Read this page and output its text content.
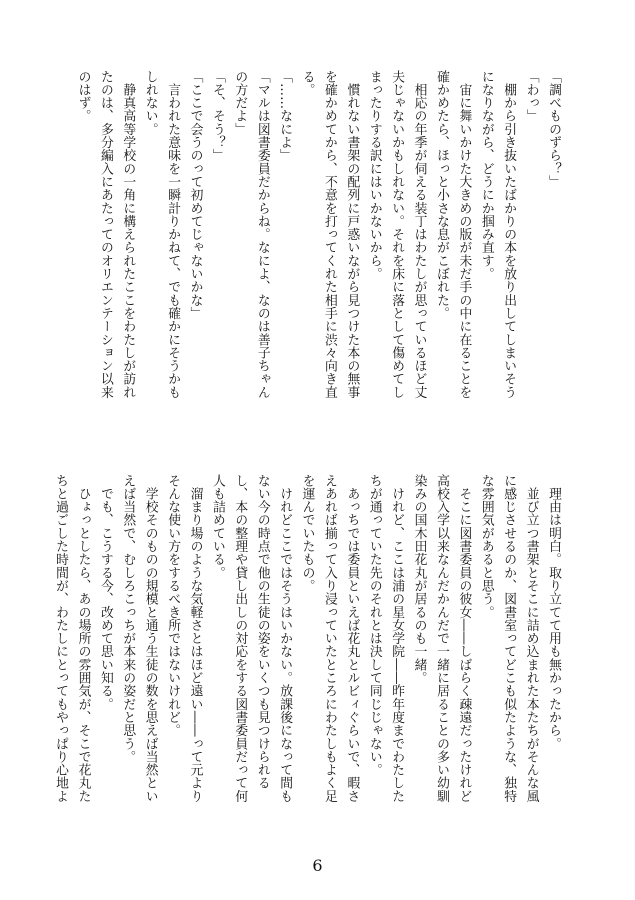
「調べものずら？」
「わっ」
　棚から引き抜いたばかりの本を放り出してしまいそう
になりながら、どうにか掴み直す。
　宙に舞いかけた大きめの版が未だ手の中に在ることを
確かめたら、ほっと小さな息がこぼれた。
　相応の年季が伺える装丁はわたしが思っているほど丈
夫じゃないかもしれない。それを床に落として傷めてし
まったりする訳にはいかないから。
　慣れない書架の配列に戸惑いながら見つけた本の無事
を確かめてから、不意を打ってくれた相手に渋々向き直
る。
「……なによ」
「マルは図書委員だからね。なによ、なのは善子ちゃん
の方だよ」
「そ、そう？」
「ここで会うのって初めてじゃないかな」
　言われた意味を一瞬計りかねて、でも確かにそうかも
しれない。
　静真高等学校の一角に構えられたここをわたしが訪れ
たのは、多分編入にあたってのオリエンテーション以来
のはず。
　理由は明白。取り立てて用も無かったから。
　並び立つ書架とそこに詰め込まれた本たちがそんな風
に感じさせるのか、図書室ってどこも似たような、独特
な雰囲気があると思う。
　そこに図書委員の彼女――しばらく疎遠だったけれど
高校入学以来なんだかんだで一緒に居ることの多い幼馴
染みの国木田花丸が居るのも一緒。
　けれど、ここは浦の星女学院――昨年度までわたした
ちが通っていた先のそれとは決して同じじゃない。
　あっちでは委員といえば花丸とルビィぐらいで、暇さ
えあれば揃って入り浸っていたところにわたしもよく足
を運んでいたもの。
　けれどここではそうはいかない。放課後になって間も
ない今の時点で他の生徒の姿をいくつも見つけられる
し、本の整理や貸し出しの対応をする図書委員だって何
人も詰めている。
　溜まり場のような気軽さとはほど遠い――って元より
そんな使い方をするべき所ではないけれど。
　学校そのものの規模と通う生徒の数を思えば当然とい
えば当然で、むしろこっちが本来の姿だと思う。
　でも、こうする今、改めて思い知る。
　ひょっとしたら、あの場所の雰囲気が、そこで花丸た
ちと過ごした時間が、わたしにとってもやっぱり心地よ
6
